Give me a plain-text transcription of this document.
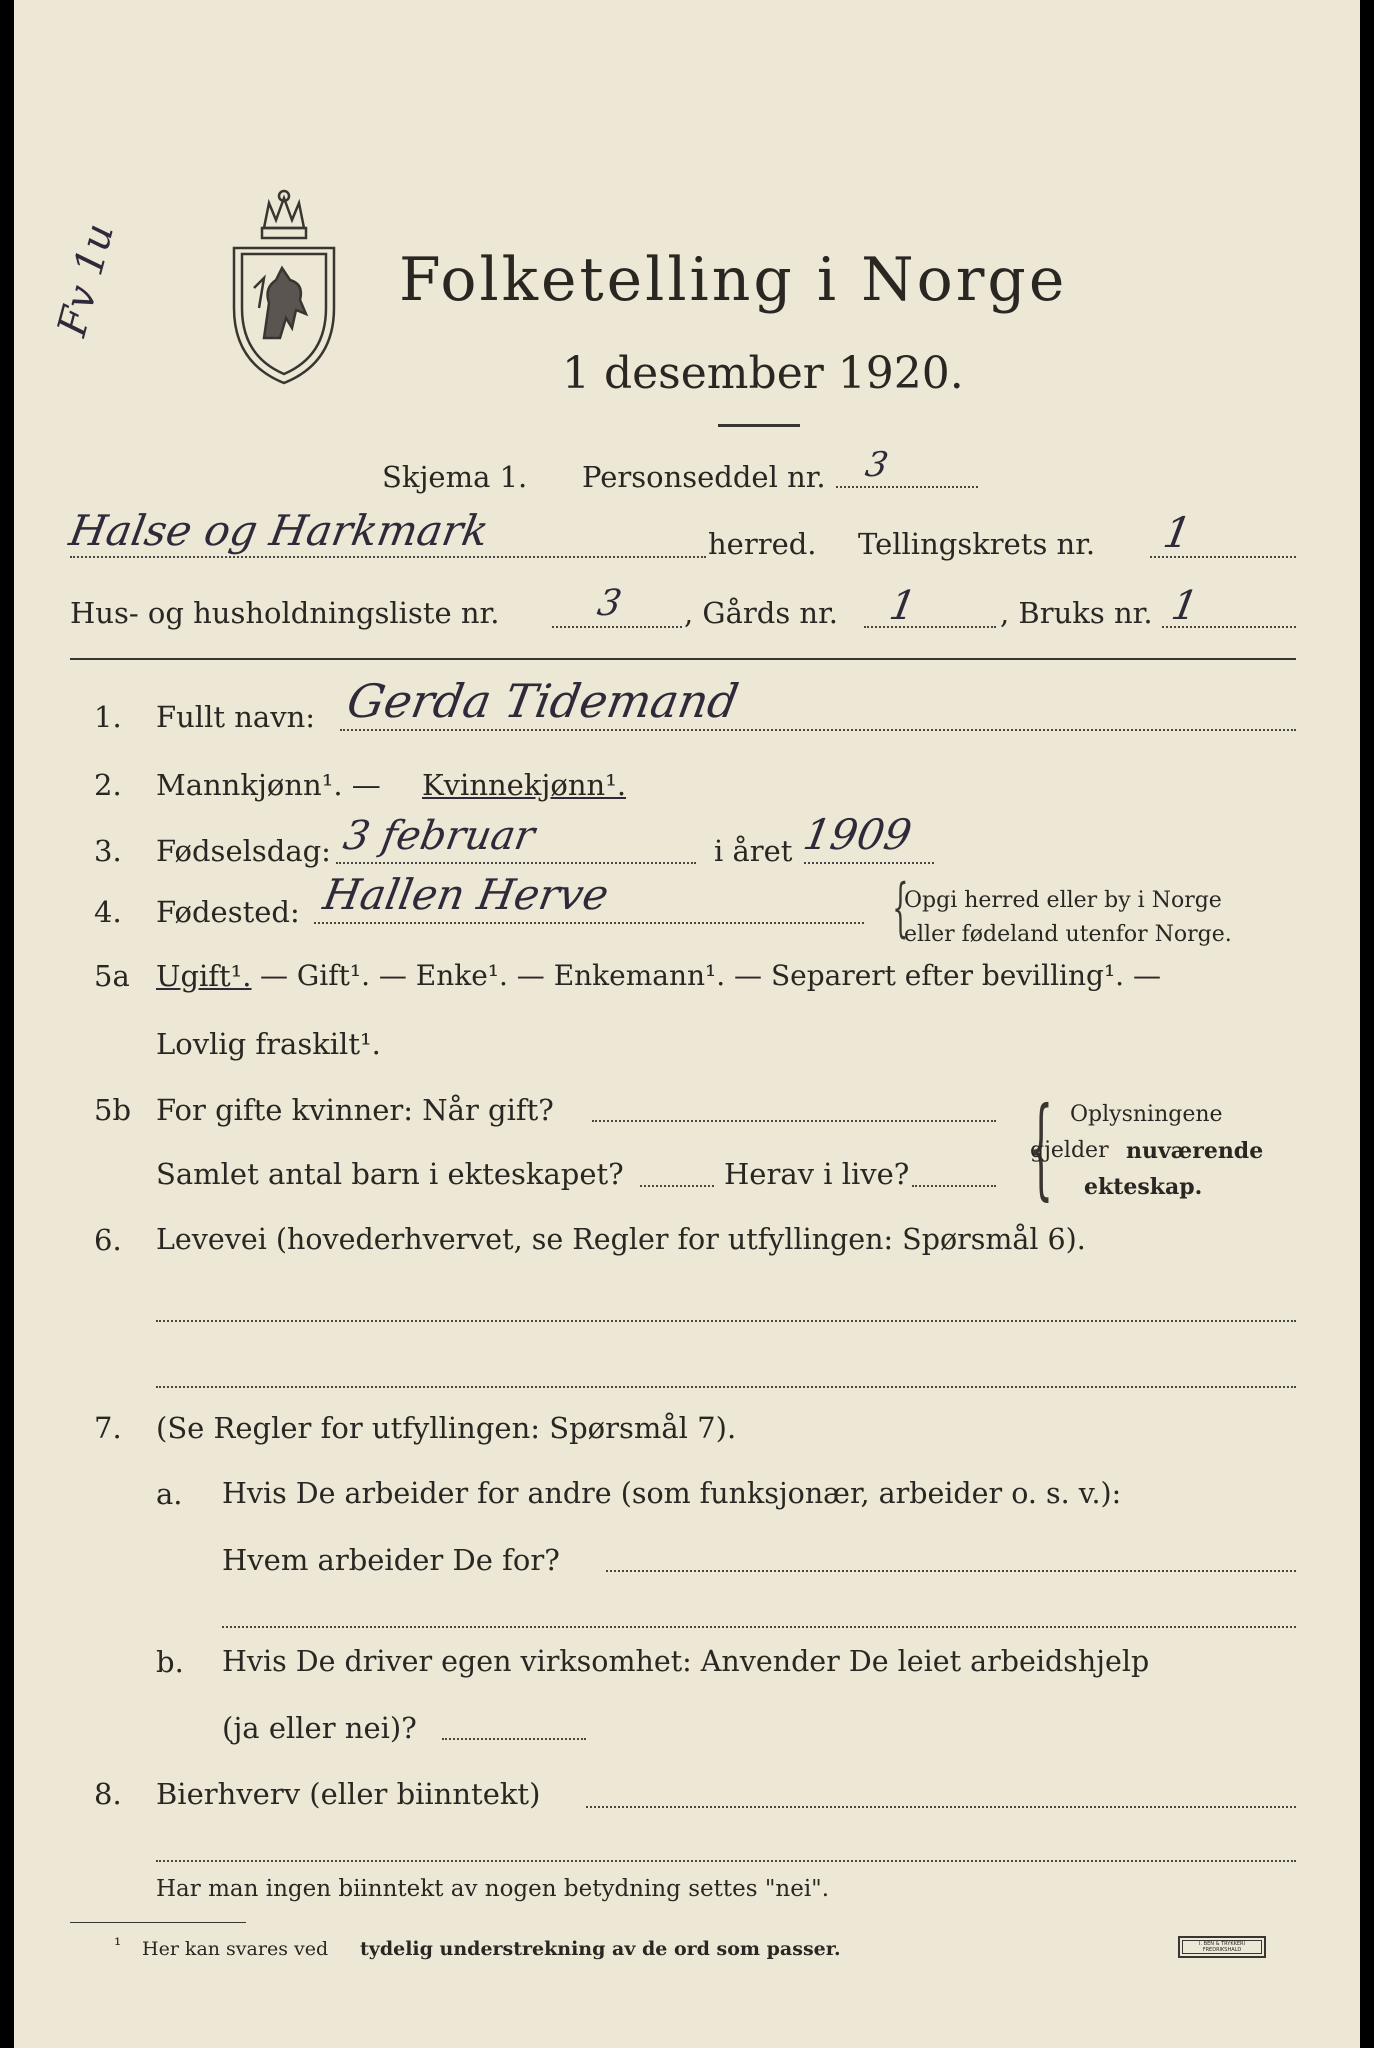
Fv 1u	Folketelling i Norge
1 desember 1920.
Skjema 1. Personseddel nr. 3
Halse og Harkmark	herred. Tellingskrets nr. 1
Hus- og husholdningsliste nr.	3 , Gårds nr. 1	, Bruks nr. 1
1. Fullt navn: Gerda Tidemand
2. Mannkjønn¹. — Kvinnekjønn¹.
3. Fødselsdag: 3 februar	i året 1909
4. Fødested: Hallen Herve	{
Opgi herred eller by i Norge
eller fødeland utenfor Norge.
5a Ugift¹. — Gift¹. — Enke¹. — Enkemann¹. — Separert efter bevilling¹. —
Lovlig fraskilt¹.
5b For gifte kvinner: Når gift?
Samlet antal barn i ekteskapet?	Herav i live? { Oplysningene
gjelder nuværende
ekteskap.
6. Levevei (hovederhvervet, se Regler for utfyllingen: Spørsmål 6).
7. (Se Regler for utfyllingen: Spørsmål 7).
a. Hvis De arbeider for andre (som funksjonær, arbeider o. s. v.):
Hvem arbeider De for?
b. Hvis De driver egen virksomhet: Anvender De leiet arbeidshjelp
(ja eller nei)?
8. Bierhverv (eller biinntekt)
Har man ingen biinntekt av nogen betydning settes "nei".
¹ Her kan svares ved tydelig understrekning av de ord som passer.	I. BEN & TRYKKERI FREDRIKSHALD
